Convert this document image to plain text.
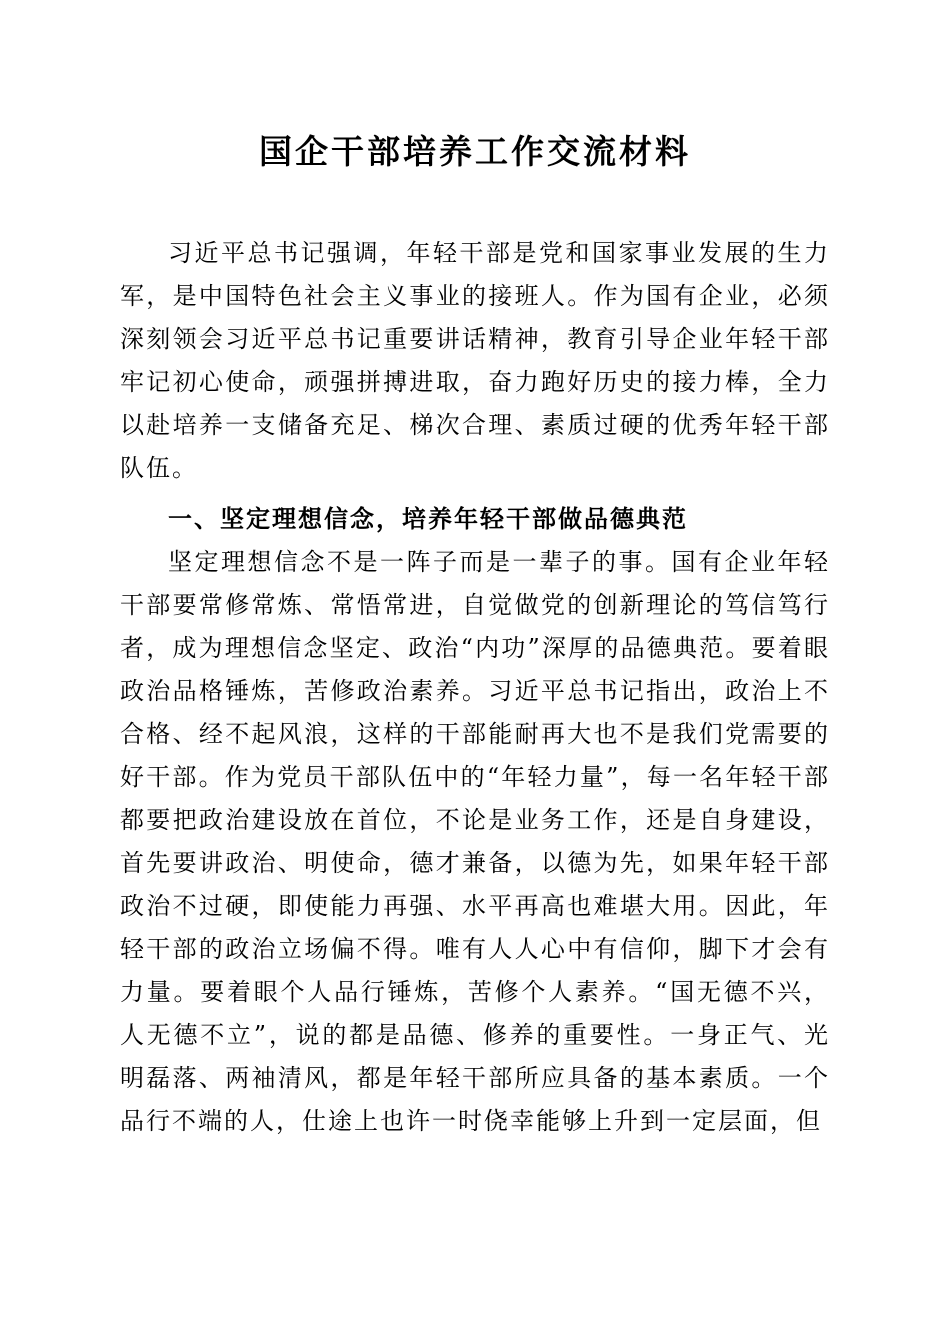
国企干部培养工作交流材料

习近平总书记强调，年轻干部是党和国家事业发展的生力军，是中国特色社会主义事业的接班人。作为国有企业，必须深刻领会习近平总书记重要讲话精神，教育引导企业年轻干部牢记初心使命，顽强拼搏进取，奋力跑好历史的接力棒，全力以赴培养一支储备充足、梯次合理、素质过硬的优秀年轻干部队伍。

一、坚定理想信念，培养年轻干部做品德典范

坚定理想信念不是一阵子而是一辈子的事。国有企业年轻干部要常修常炼、常悟常进，自觉做党的创新理论的笃信笃行者，成为理想信念坚定、政治“内功”深厚的品德典范。要着眼政治品格锤炼，苦修政治素养。习近平总书记指出，政治上不合格、经不起风浪，这样的干部能耐再大也不是我们党需要的好干部。作为党员干部队伍中的“年轻力量”，每一名年轻干部都要把政治建设放在首位，不论是业务工作，还是自身建设，首先要讲政治、明使命，德才兼备，以德为先，如果年轻干部政治不过硬，即使能力再强、水平再高也难堪大用。因此，年轻干部的政治立场偏不得。唯有人人心中有信仰，脚下才会有力量。要着眼个人品行锤炼，苦修个人素养。“国无德不兴，人无德不立”，说的都是品德、修养的重要性。一身正气、光明磊落、两袖清风，都是年轻干部所应具备的基本素质。一个品行不端的人，仕途上也许一时侥幸能够上升到一定层面，但
